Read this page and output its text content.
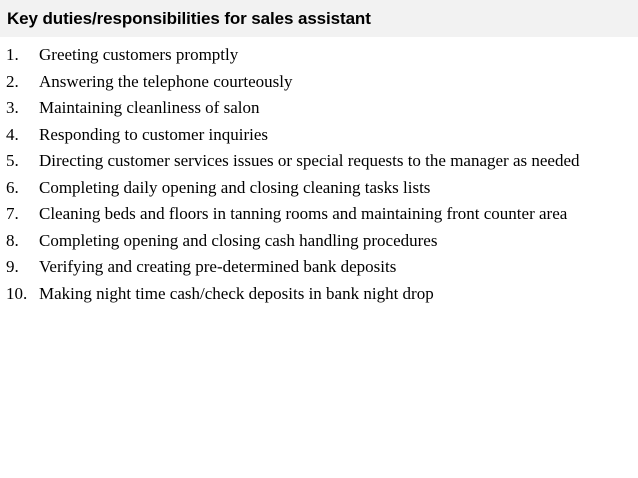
Key duties/responsibilities for sales assistant
1.	Greeting customers promptly
2.	Answering the telephone courteously
3.	Maintaining cleanliness of salon
4.	Responding to customer inquiries
5.	Directing customer services issues or special requests to the manager as needed
6.	Completing daily opening and closing cleaning tasks lists
7.	Cleaning beds and floors in tanning rooms and maintaining front counter area
8.	Completing opening and closing cash handling procedures
9.	Verifying and creating pre-determined bank deposits
10. Making night time cash/check deposits in bank night drop
